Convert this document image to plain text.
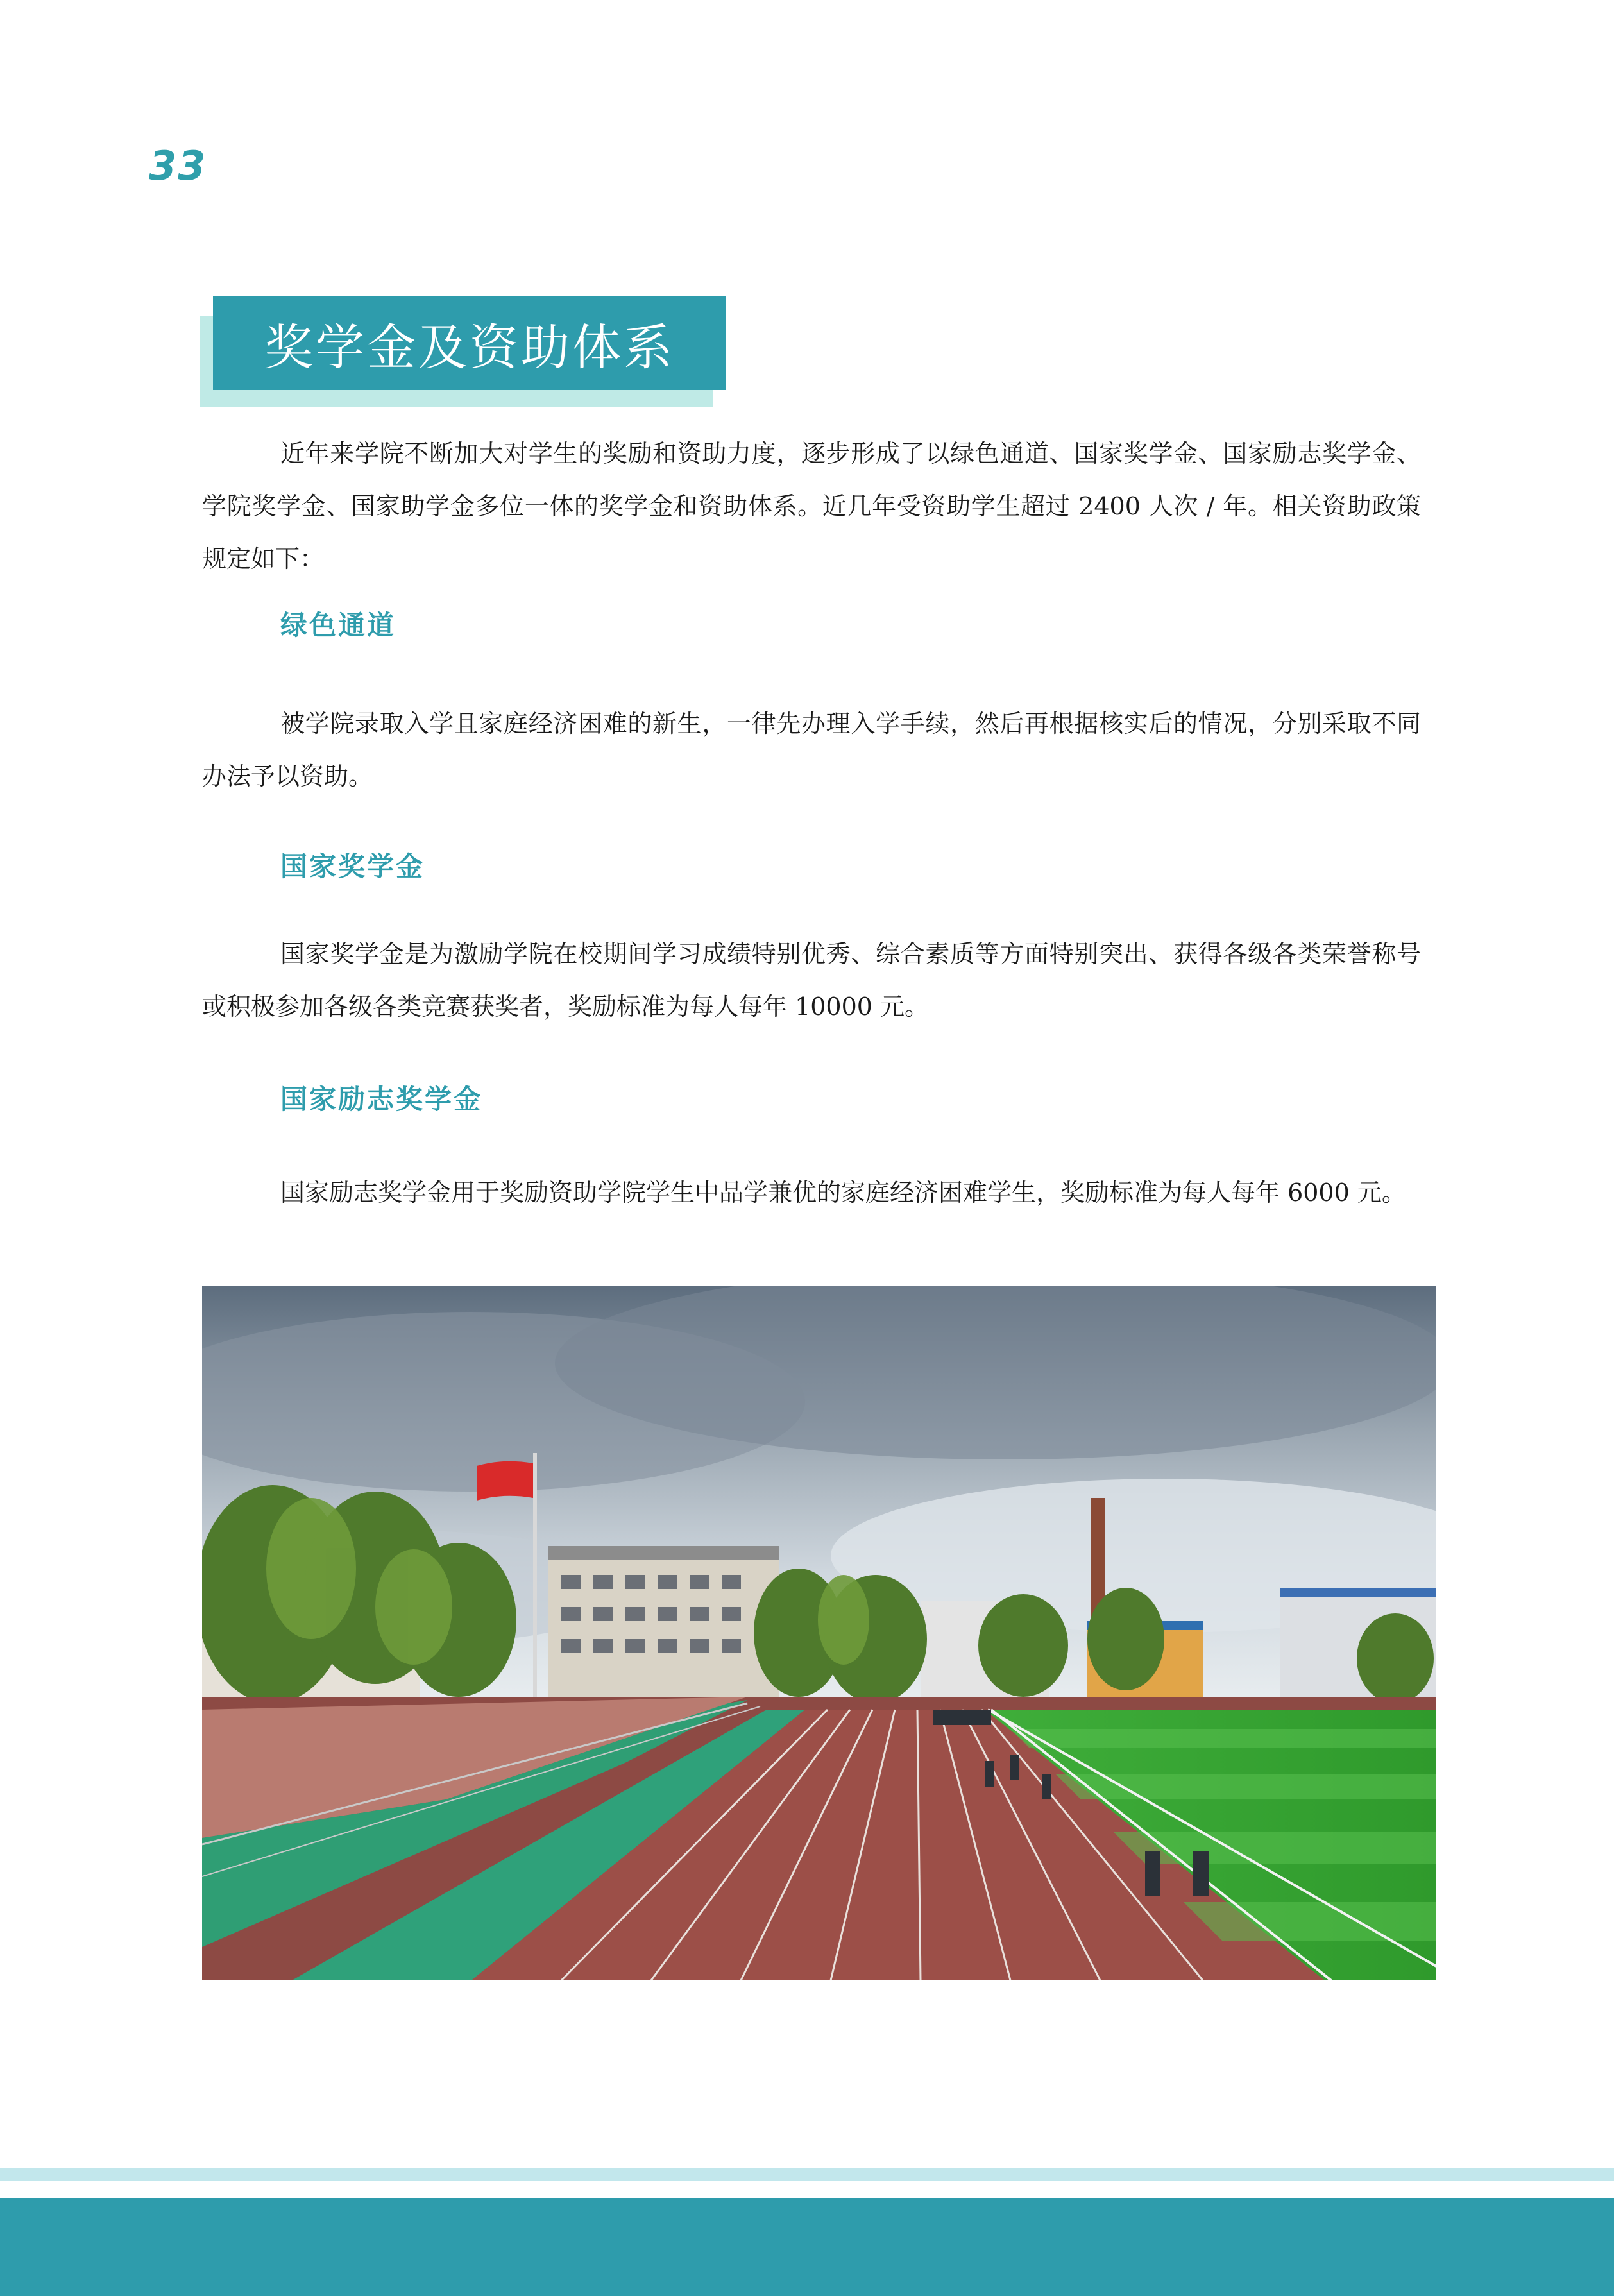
33
奖学金及资助体系

近年来学院不断加大对学生的奖励和资助力度，逐步形成了以绿色通道、国家奖学金、国家励志奖学金、学院奖学金、国家助学金多位一体的奖学金和资助体系。近几年受资助学生超过 2400 人次 / 年。相关资助政策规定如下：

绿色通道

被学院录取入学且家庭经济困难的新生，一律先办理入学手续，然后再根据核实后的情况，分别采取不同办法予以资助。

国家奖学金

国家奖学金是为激励学院在校期间学习成绩特别优秀、综合素质等方面特别突出、获得各级各类荣誉称号或积极参加各级各类竞赛获奖者，奖励标准为每人每年 10000 元。

国家励志奖学金

国家励志奖学金用于奖励资助学院学生中品学兼优的家庭经济困难学生，奖励标准为每人每年 6000 元。
